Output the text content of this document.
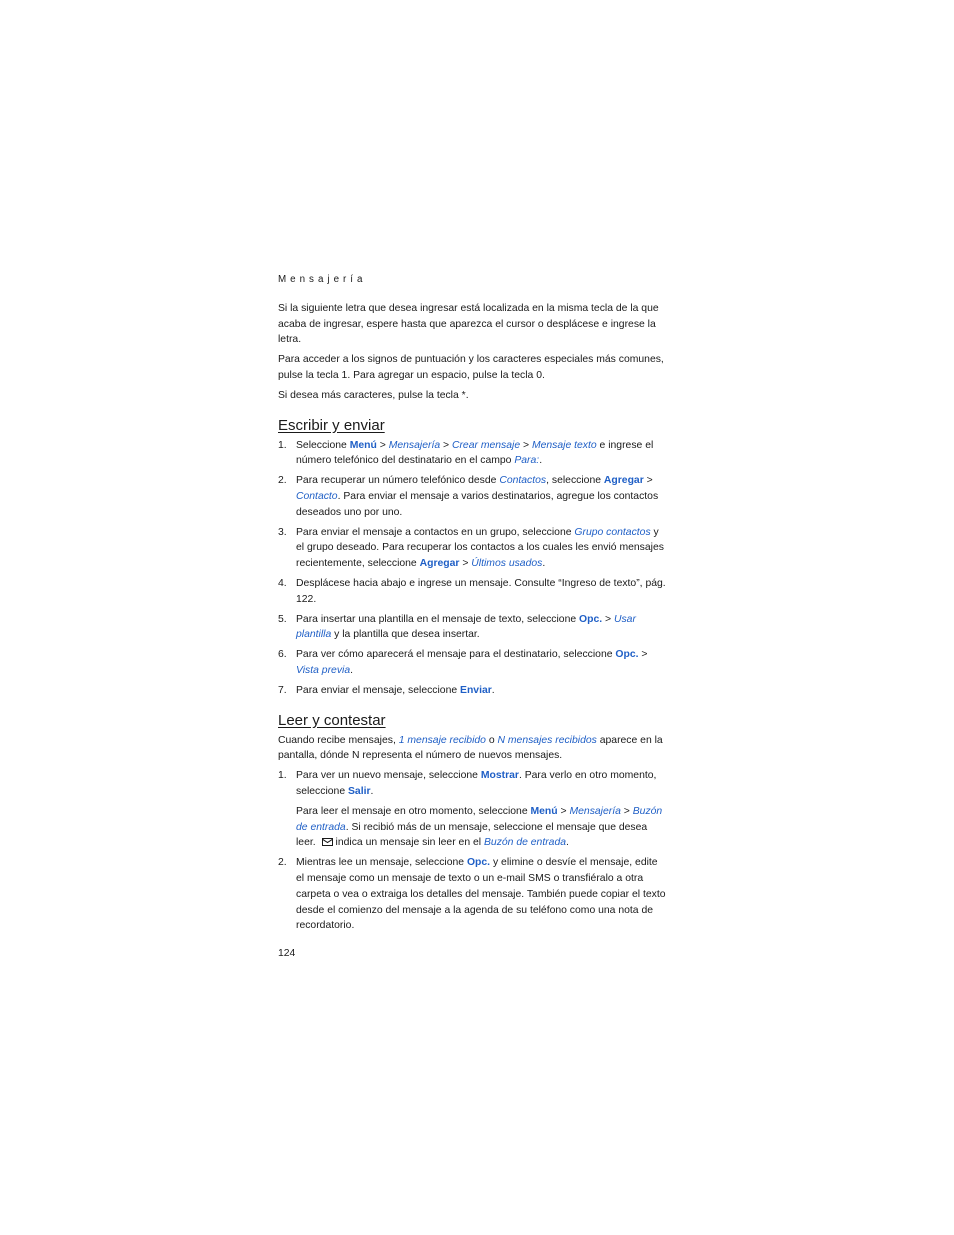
Mensajería

Si la siguiente letra que desea ingresar está localizada en la misma tecla de la que acaba de ingresar, espere hasta que aparezca el cursor o desplácese e ingrese la letra.

Para acceder a los signos de puntuación y los caracteres especiales más comunes, pulse la tecla 1. Para agregar un espacio, pulse la tecla 0.

Si desea más caracteres, pulse la tecla *.

Escribir y enviar
1. Seleccione Menú > Mensajería > Crear mensaje > Mensaje texto e ingrese el número telefónico del destinatario en el campo Para:.
2. Para recuperar un número telefónico desde Contactos, seleccione Agregar > Contacto. Para enviar el mensaje a varios destinatarios, agregue los contactos deseados uno por uno.
3. Para enviar el mensaje a contactos en un grupo, seleccione Grupo contactos y el grupo deseado. Para recuperar los contactos a los cuales les envió mensajes recientemente, seleccione Agregar > Últimos usados.
4. Desplácese hacia abajo e ingrese un mensaje. Consulte “Ingreso de texto”, pág. 122.
5. Para insertar una plantilla en el mensaje de texto, seleccione Opc. > Usar plantilla y la plantilla que desea insertar.
6. Para ver cómo aparecerá el mensaje para el destinatario, seleccione Opc. > Vista previa.
7. Para enviar el mensaje, seleccione Enviar.
Leer y contestar

Cuando recibe mensajes, 1 mensaje recibido o N mensajes recibidos aparece en la pantalla, dónde N representa el número de nuevos mensajes.

1. Para ver un nuevo mensaje, seleccione Mostrar. Para verlo en otro momento, seleccione Salir.
Para leer el mensaje en otro momento, seleccione Menú > Mensajería > Buzón de entrada. Si recibió más de un mensaje, seleccione el mensaje que desea leer. indica un mensaje sin leer en el Buzón de entrada.
2. Mientras lee un mensaje, seleccione Opc. y elimine o desvíe el mensaje, edite el mensaje como un mensaje de texto o un e-mail SMS o transfiéralo a otra carpeta o vea o extraiga los detalles del mensaje. También puede copiar el texto desde el comienzo del mensaje a la agenda de su teléfono como una nota de recordatorio.
124
